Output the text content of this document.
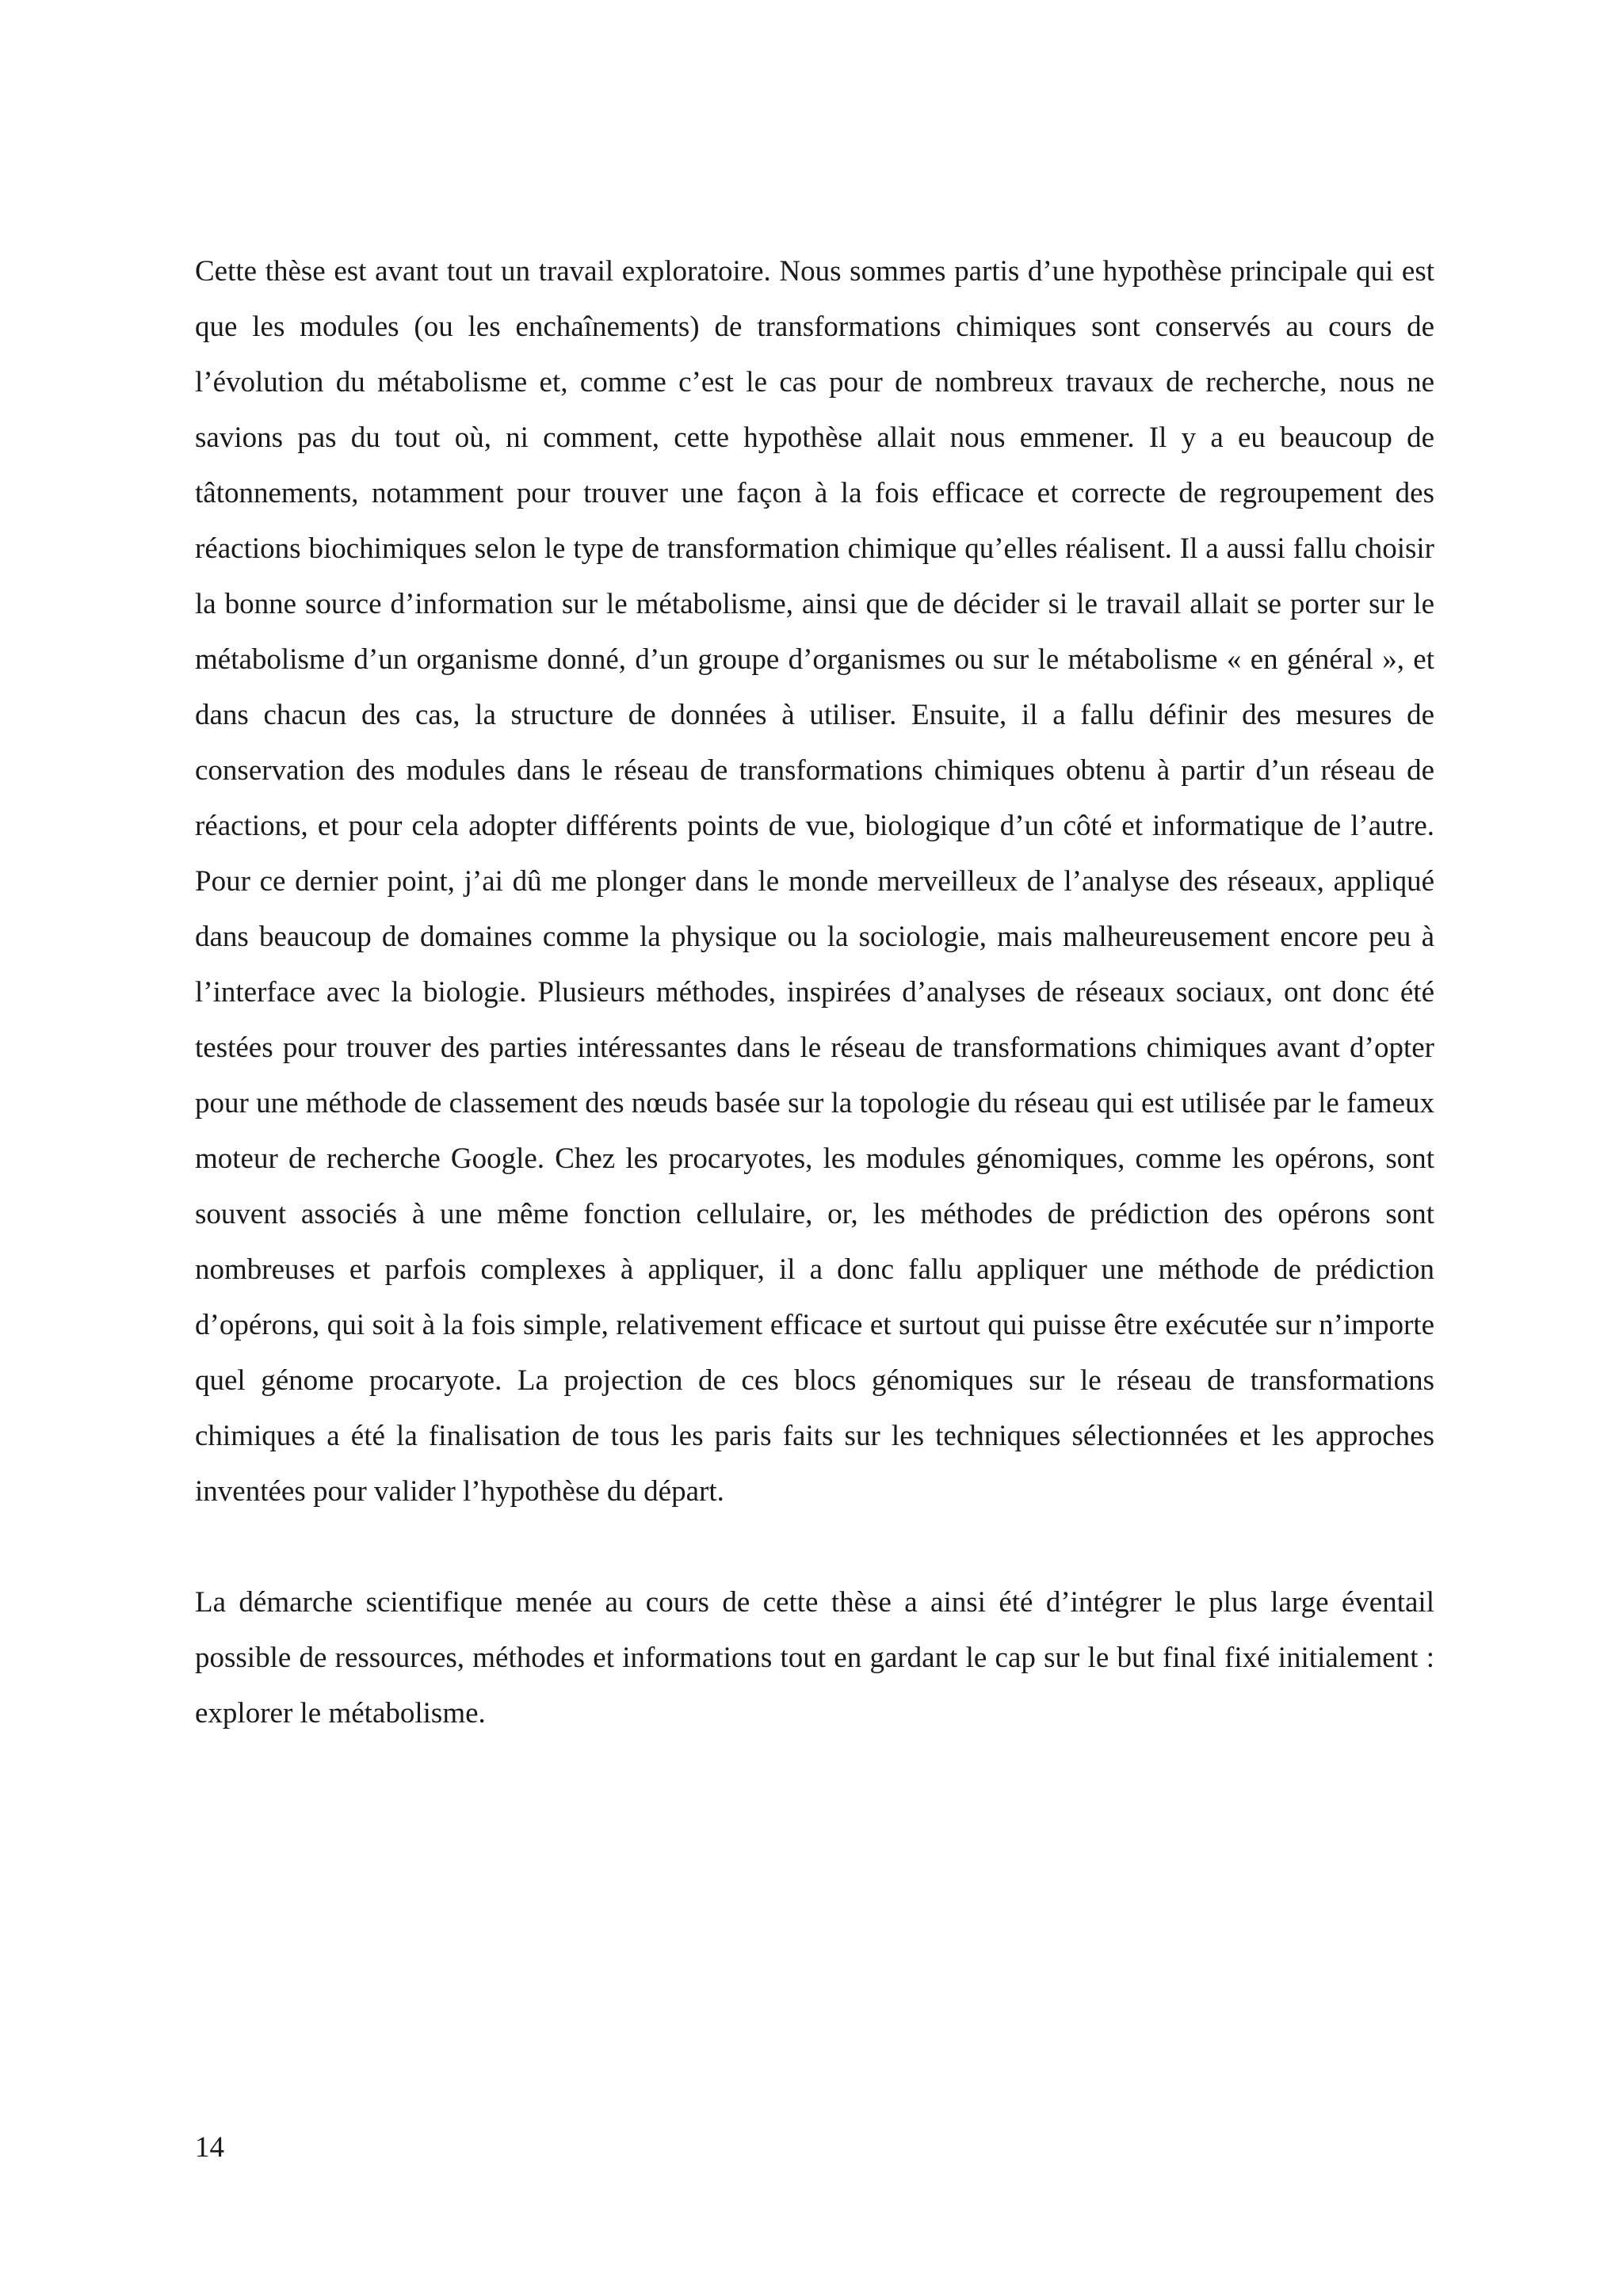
Cette thèse est avant tout un travail exploratoire. Nous sommes partis d’une hypothèse principale qui est que les modules (ou les enchaînements) de transformations chimiques sont conservés au cours de l’évolution du métabolisme et, comme c’est le cas pour de nombreux travaux de recherche, nous ne savions pas du tout où, ni comment, cette hypothèse allait nous emmener. Il y a eu beaucoup de tâtonnements, notamment pour trouver une façon à la fois efficace et correcte de regroupement des réactions biochimiques selon le type de transformation chimique qu’elles réalisent. Il a aussi fallu choisir la bonne source d’information sur le métabolisme, ainsi que de décider si le travail allait se porter sur le métabolisme d’un organisme donné, d’un groupe d’organismes ou sur le métabolisme « en général », et dans chacun des cas, la structure de données à utiliser. Ensuite, il a fallu définir des mesures de conservation des modules dans le réseau de transformations chimiques obtenu à partir d’un réseau de réactions, et pour cela adopter différents points de vue, biologique d’un côté et informatique de l’autre. Pour ce dernier point, j’ai dû me plonger dans le monde merveilleux de l’analyse des réseaux, appliqué dans beaucoup de domaines comme la physique ou la sociologie, mais malheureusement encore peu à l’interface avec la biologie. Plusieurs méthodes, inspirées d’analyses de réseaux sociaux, ont donc été testées pour trouver des parties intéressantes dans le réseau de transformations chimiques avant d’opter pour une méthode de classement des nœuds basée sur la topologie du réseau qui est utilisée par le fameux moteur de recherche Google. Chez les procaryotes, les modules génomiques, comme les opérons, sont souvent associés à une même fonction cellulaire, or, les méthodes de prédiction des opérons sont nombreuses et parfois complexes à appliquer, il a donc fallu appliquer une méthode de prédiction d’opérons, qui soit à la fois simple, relativement efficace et surtout qui puisse être exécutée sur n’importe quel génome procaryote. La projection de ces blocs génomiques sur le réseau de transformations chimiques a été la finalisation de tous les paris faits sur les techniques sélectionnées et les approches inventées pour valider l’hypothèse du départ.

La démarche scientifique menée au cours de cette thèse a ainsi été d’intégrer le plus large éventail possible de ressources, méthodes et informations tout en gardant le cap sur le but final fixé initialement : explorer le métabolisme.

14
